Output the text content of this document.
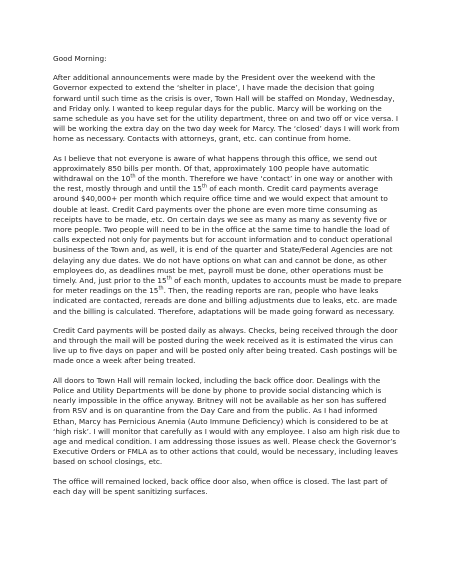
Good Morning:

After additional announcements were made by the President over the weekend with the Governor expected to extend the ‘shelter in place’, I have made the decision that going forward until such time as the crisis is over, Town Hall will be staffed on Monday, Wednesday, and Friday only. I wanted to keep regular days for the public. Marcy will be working on the same schedule as you have set for the utility department, three on and two off or vice versa. I will be working the extra day on the two day week for Marcy. The ‘closed’ days I will work from home as necessary. Contacts with attorneys, grant, etc. can continue from home.

As I believe that not everyone is aware of what happens through this office, we send out approximately 850 bills per month. Of that, approximately 100 people have automatic withdrawal on the 10th of the month. Therefore we have ‘contact’ in one way or another with the rest, mostly through and until the 15th of each month. Credit card payments average around $40,000+ per month which require office time and we would expect that amount to double at least. Credit Card payments over the phone are even more time consuming as receipts have to be made, etc. On certain days we see as many as many as seventy five or more people. Two people will need to be in the office at the same time to handle the load of calls expected not only for payments but for account information and to conduct operational business of the Town and, as well, it is end of the quarter and State/Federal Agencies are not delaying any due dates. We do not have options on what can and cannot be done, as other employees do, as deadlines must be met, payroll must be done, other operations must be timely. And, just prior to the 15th of each month, updates to accounts must be made to prepare for meter readings on the 15th. Then, the reading reports are ran, people who have leaks indicated are contacted, rereads are done and billing adjustments due to leaks, etc. are made and the billing is calculated. Therefore, adaptations will be made going forward as necessary.

Credit Card payments will be posted daily as always. Checks, being received through the door and through the mail will be posted during the week received as it is estimated the virus can live up to five days on paper and will be posted only after being treated. Cash postings will be made once a week after being treated.

All doors to Town Hall will remain locked, including the back office door. Dealings with the Police and Utility Departments will be done by phone to provide social distancing which is nearly impossible in the office anyway. Britney will not be available as her son has suffered from RSV and is on quarantine from the Day Care and from the public. As I had informed Ethan, Marcy has Pernicious Anemia (Auto Immune Deficiency) which is considered to be at ‘high risk’. I will monitor that carefully as I would with any employee. I also am high risk due to age and medical condition. I am addressing those issues as well. Please check the Governor’s Executive Orders or FMLA as to other actions that could, would be necessary, including leaves based on school closings, etc.

The office will remained locked, back office door also, when office is closed. The last part of each day will be spent sanitizing surfaces.
